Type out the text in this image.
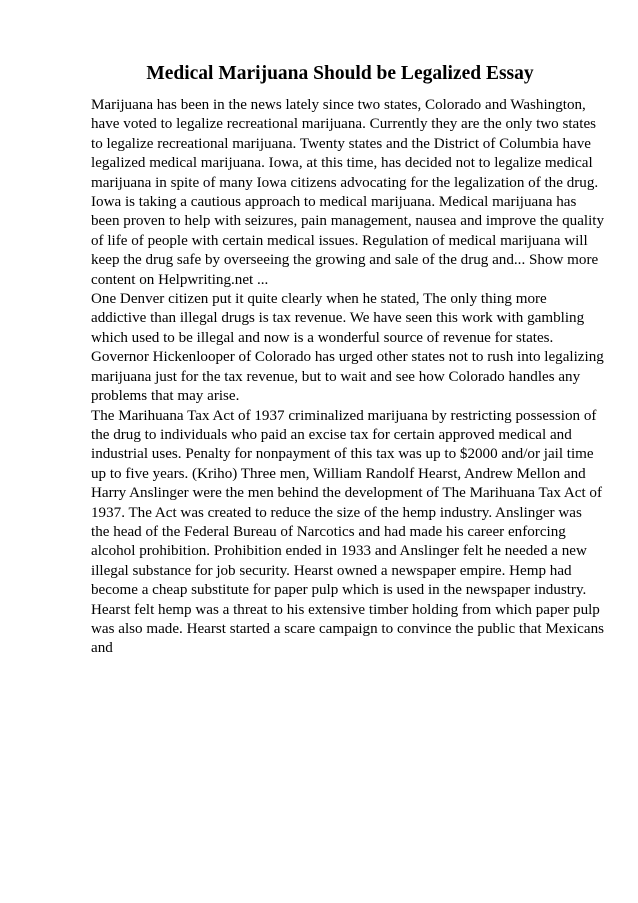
Medical Marijuana Should be Legalized Essay
Marijuana has been in the news lately since two states, Colorado and Washington,
have voted to legalize recreational marijuana. Currently they are the only two states
to legalize recreational marijuana. Twenty states and the District of Columbia have
legalized medical marijuana. Iowa, at this time, has decided not to legalize medical
marijuana in spite of many Iowa citizens advocating for the legalization of the drug.
Iowa is taking a cautious approach to medical marijuana. Medical marijuana has
been proven to help with seizures, pain management, nausea and improve the quality
of life of people with certain medical issues. Regulation of medical marijuana will
keep the drug safe by overseeing the growing and sale of the drug and... Show more
content on Helpwriting.net ...
One Denver citizen put it quite clearly when he stated, The only thing more
addictive than illegal drugs is tax revenue. We have seen this work with gambling
which used to be illegal and now is a wonderful source of revenue for states.
Governor Hickenlooper of Colorado has urged other states not to rush into legalizing
marijuana just for the tax revenue, but to wait and see how Colorado handles any
problems that may arise.
The Marihuana Tax Act of 1937 criminalized marijuana by restricting possession of
the drug to individuals who paid an excise tax for certain approved medical and
industrial uses. Penalty for nonpayment of this tax was up to $2000 and/or jail time
up to five years. (Kriho) Three men, William Randolf Hearst, Andrew Mellon and
Harry Anslinger were the men behind the development of The Marihuana Tax Act of
1937. The Act was created to reduce the size of the hemp industry. Anslinger was
the head of the Federal Bureau of Narcotics and had made his career enforcing
alcohol prohibition. Prohibition ended in 1933 and Anslinger felt he needed a new
illegal substance for job security. Hearst owned a newspaper empire. Hemp had
become a cheap substitute for paper pulp which is used in the newspaper industry.
Hearst felt hemp was a threat to his extensive timber holding from which paper pulp
was also made. Hearst started a scare campaign to convince the public that Mexicans
and
